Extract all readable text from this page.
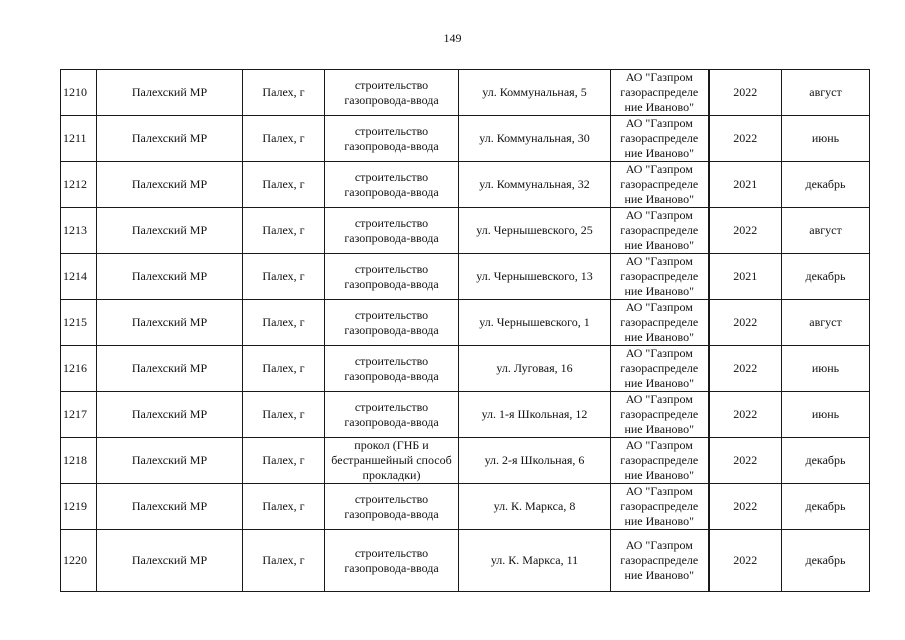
149
1210	Палехский МР	Палех, г	строительство газопровода-ввода	ул. Коммунальная, 5	АО "Газпром газораспределе ние Иваново"	2022	август
1211	Палехский МР	Палех, г	строительство газопровода-ввода	ул. Коммунальная, 30	АО "Газпром газораспределе ние Иваново"	2022	июнь
1212	Палехский МР	Палех, г	строительство газопровода-ввода	ул. Коммунальная, 32	АО "Газпром газораспределе ние Иваново"	2021	декабрь
1213	Палехский МР	Палех, г	строительство газопровода-ввода	ул. Чернышевского, 25	АО "Газпром газораспределе ние Иваново"	2022	август
1214	Палехский МР	Палех, г	строительство газопровода-ввода	ул. Чернышевского, 13	АО "Газпром газораспределе ние Иваново"	2021	декабрь
1215	Палехский МР	Палех, г	строительство газопровода-ввода	ул. Чернышевского, 1	АО "Газпром газораспределе ние Иваново"	2022	август
1216	Палехский МР	Палех, г	строительство газопровода-ввода	ул. Луговая, 16	АО "Газпром газораспределе ние Иваново"	2022	июнь
1217	Палехский МР	Палех, г	строительство газопровода-ввода	ул. 1-я Школьная, 12	АО "Газпром газораспределе ние Иваново"	2022	июнь
1218	Палехский МР	Палех, г	прокол (ГНБ и бестраншейный способ прокладки)	ул. 2-я Школьная, 6	АО "Газпром газораспределе ние Иваново"	2022	декабрь
1219	Палехский МР	Палех, г	строительство газопровода-ввода	ул. К. Маркса, 8	АО "Газпром газораспределе ние Иваново"	2022	декабрь
1220	Палехский МР	Палех, г	строительство газопровода-ввода	ул. К. Маркса, 11	АО "Газпром газораспределе ние Иваново"	2022	декабрь
